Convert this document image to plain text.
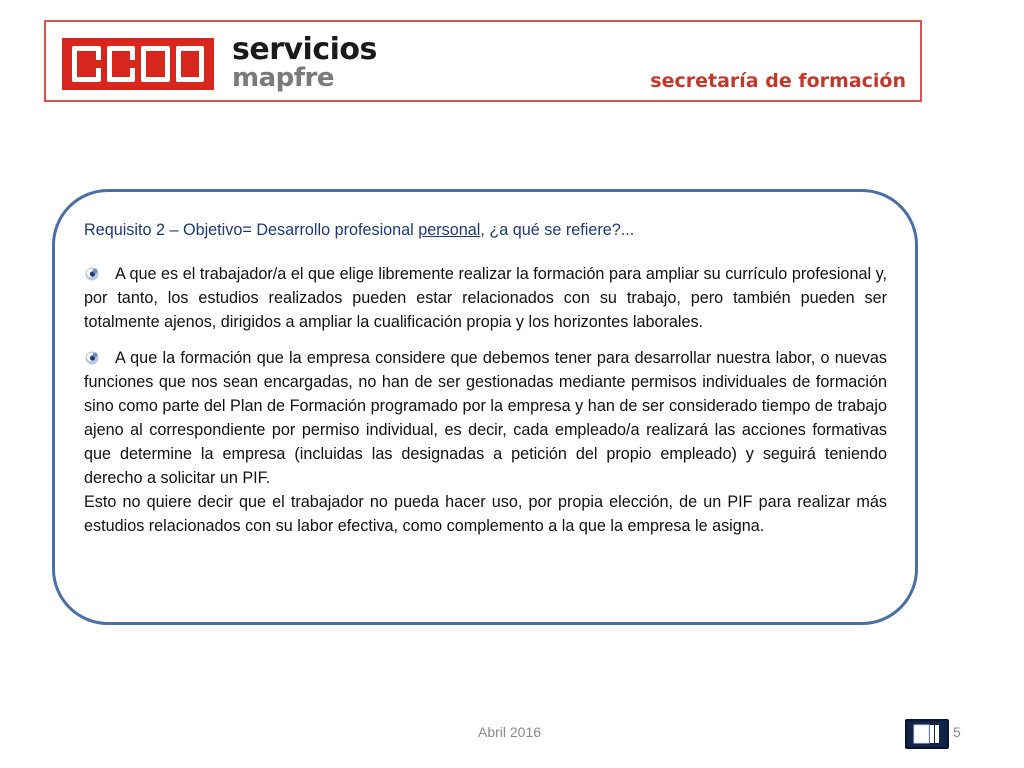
servicios
mapfre	secretaría de formación

Requisito 2 – Objetivo= Desarrollo profesional personal, ¿a qué se refiere?...

A que es el trabajador/a el que elige libremente realizar la formación para ampliar su currículo profesional y, por tanto, los estudios realizados pueden estar relacionados con su trabajo, pero también pueden ser totalmente ajenos, dirigidos a ampliar la cualificación propia y los horizontes laborales.

A que la formación que la empresa considere que debemos tener para desarrollar nuestra labor, o nuevas funciones que nos sean encargadas, no han de ser gestionadas mediante permisos individuales de formación sino como parte del Plan de Formación programado por la empresa y han de ser considerado tiempo de trabajo ajeno al correspondiente por permiso individual, es decir, cada empleado/a realizará las acciones formativas que determine la empresa (incluidas las designadas a petición del propio empleado) y seguirá teniendo derecho a solicitar un PIF.

Esto no quiere decir que el trabajador no pueda hacer uso, por propia elección, de un PIF para realizar más estudios relacionados con su labor efectiva, como complemento a la que la empresa le asigna.

Abril 2016	5
